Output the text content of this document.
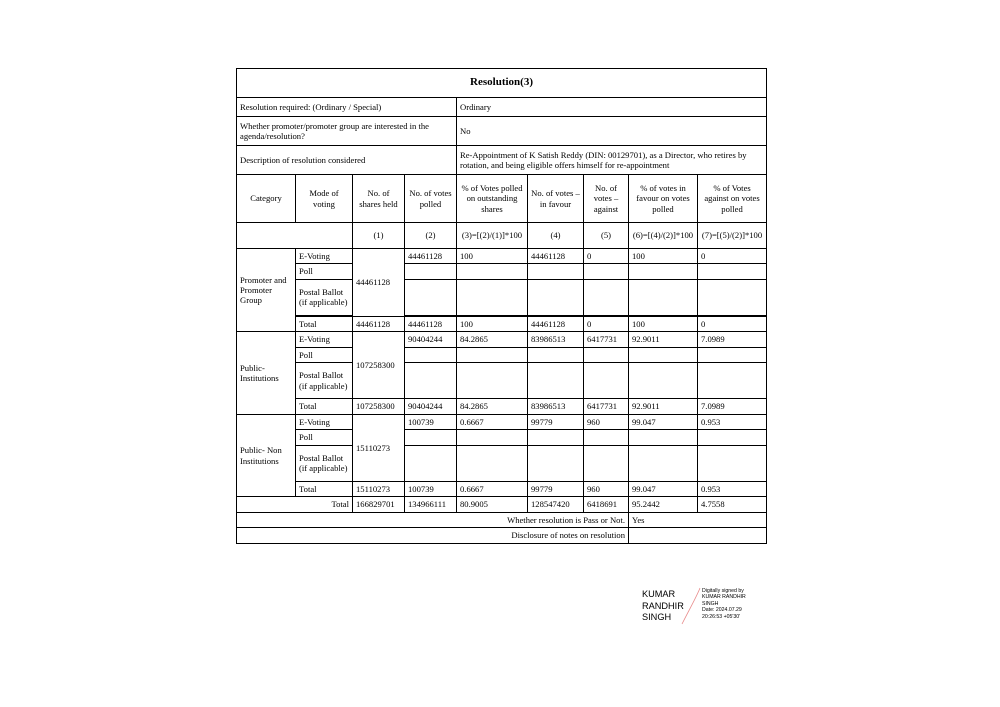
Resolution(3)								
Resolution required: (Ordinary / Special)				Ordinary				
Whether promoter/promoter group are interested in the agenda/resolution?				No				
Description of resolution considered				Re-Appointment of K Satish Reddy (DIN: 00129701), as a Director, who retires by rotation, and being eligible offers himself for re-appointment				
Category	Mode of voting	No. of shares held	No. of votes polled	% of Votes polled on outstanding shares	No. of votes – in favour	No. of votes – against	% of votes in favour on votes polled	% of Votes against on votes polled
		(1)	(2)	(3)=[(2)/(1)]*100	(4)	(5)	(6)=[(4)/(2)]*100	(7)=[(5)/(2)]*100
Promoter and Promoter Group	E-Voting	44461128	44461128	100	44461128	0	100	0
	Poll							
	Postal Ballot (if applicable)							

	Total	44461128	44461128	100	44461128	0	100	0
Public- Institutions	E-Voting	107258300	90404244	84.2865	83986513	6417731	92.9011	7.0989
	Poll							
	Postal Ballot (if applicable)							
	Total	107258300	90404244	84.2865	83986513	6417731	92.9011	7.0989
Public- Non Institutions	E-Voting	15110273	100739	0.6667	99779	960	99.047	0.953
	Poll							
	Postal Ballot (if applicable)							
	Total	15110273	100739	0.6667	99779	960	99.047	0.953
Total		166829701	134966111	80.9005	128547420	6418691	95.2442	4.7558
Whether resolution is Pass or Not.							Yes	
Disclosure of notes on resolution								
KUMAR
RANDHIR
SINGH
Digitally signed by
KUMAR RANDHIR
SINGH
Date: 2024.07.29
20:26:53 +05'30'
